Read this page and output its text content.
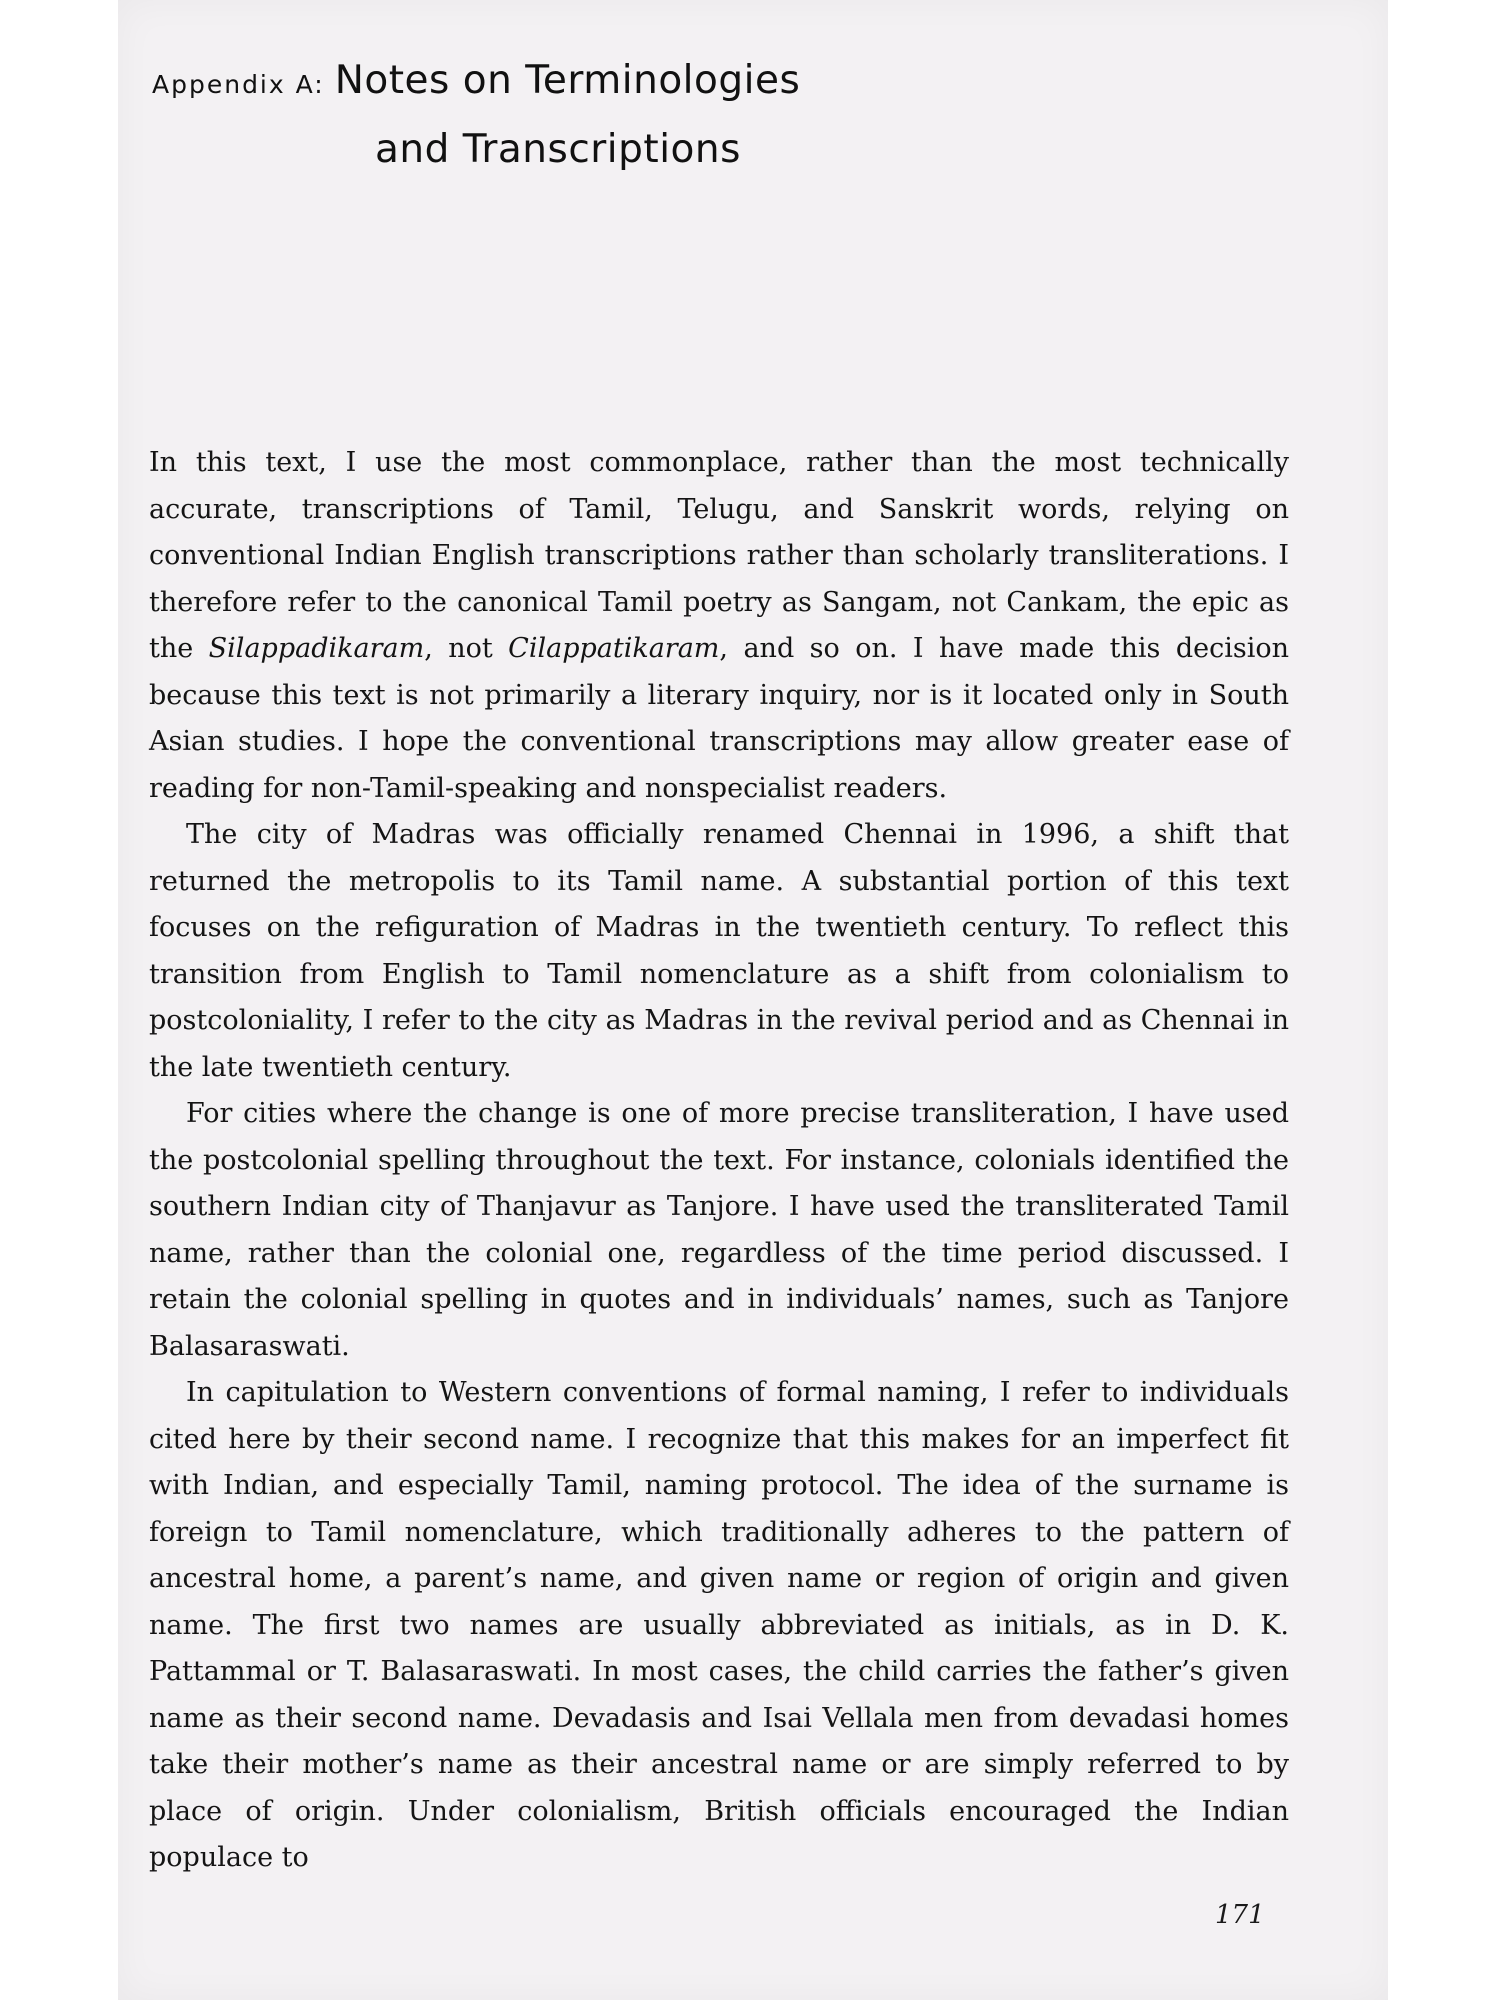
Appendix A: Notes on Terminologies
and Transcriptions

In this text, I use the most commonplace, rather than the most technically accurate, transcriptions of Tamil, Telugu, and Sanskrit words, relying on conventional Indian English transcriptions rather than scholarly transliterations. I therefore refer to the canonical Tamil poetry as Sangam, not Cankam, the epic as the Silappadikaram, not Cilappatikaram, and so on. I have made this decision because this text is not primarily a literary inquiry, nor is it located only in South Asian studies. I hope the conventional transcriptions may allow greater ease of reading for non-Tamil-speaking and nonspecialist readers.

The city of Madras was officially renamed Chennai in 1996, a shift that returned the metropolis to its Tamil name. A substantial portion of this text focuses on the refiguration of Madras in the twentieth century. To reflect this transition from English to Tamil nomenclature as a shift from colonialism to postcoloniality, I refer to the city as Madras in the revival period and as Chennai in the late twentieth century.

For cities where the change is one of more precise transliteration, I have used the postcolonial spelling throughout the text. For instance, colonials identified the southern Indian city of Thanjavur as Tanjore. I have used the transliterated Tamil name, rather than the colonial one, regardless of the time period discussed. I retain the colonial spelling in quotes and in individuals’ names, such as Tanjore Balasaraswati.

In capitulation to Western conventions of formal naming, I refer to individuals cited here by their second name. I recognize that this makes for an imperfect fit with Indian, and especially Tamil, naming protocol. The idea of the surname is foreign to Tamil nomenclature, which traditionally adheres to the pattern of ancestral home, a parent’s name, and given name or region of origin and given name. The first two names are usually abbreviated as initials, as in D. K. Pattammal or T. Balasaraswati. In most cases, the child carries the father’s given name as their second name. Devadasis and Isai Vellala men from devadasi homes take their mother’s name as their ancestral name or are simply referred to by place of origin. Under colonialism, British officials encouraged the Indian populace to

171
